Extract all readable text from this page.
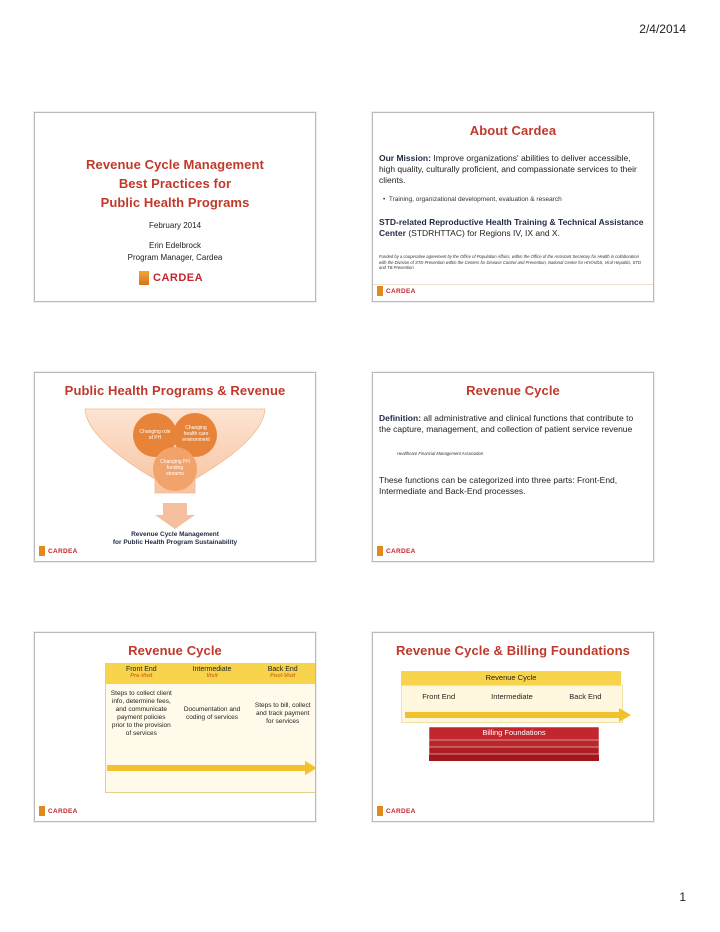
2/4/2014
Revenue Cycle Management
Best Practices for
Public Health Programs
February 2014
Erin Edelbrock
Program Manager, Cardea
CARDEA
About Cardea
Our Mission: Improve organizations' abilities to deliver accessible, high quality, culturally proficient, and compassionate services to their clients.
•  Training, organizational development, evaluation & research
STD-related Reproductive Health Training & Technical Assistance Center (STDRHTTAC) for Regions IV, IX and X.
Funded by a cooperative agreement by the Office of Population Affairs, within the Office of the Assistant Secretary for Health in collaboration with the Division of STD Prevention within the Centers for Disease Control and Prevention, National Center for HIV/AIDS, Viral Hepatitis, STD and TB Prevention
CARDEA
Public Health Programs & Revenue
Changing role of PH
Changing health care environment
Changing PH funding streams
Revenue Cycle Management
for Public Health Program Sustainability
CARDEA
Revenue Cycle
Definition: all administrative and clinical functions that contribute to the capture, management, and collection of patient service revenue
Healthcare Financial Management Association
These functions can be categorized into three parts: Front-End, Intermediate and Back-End processes.
CARDEA
Revenue Cycle
Front End
Pre-Visit
Intermediate
Visit
Back End
Post-Visit
Steps to collect client info, determine fees, and communicate payment policies prior to the provision of services
Documentation and coding of services
Steps to bill, collect and track payment for services
CARDEA
Revenue Cycle & Billing Foundations
Revenue Cycle
Front End	Intermediate	Back End
Billing Foundations
CARDEA
1
